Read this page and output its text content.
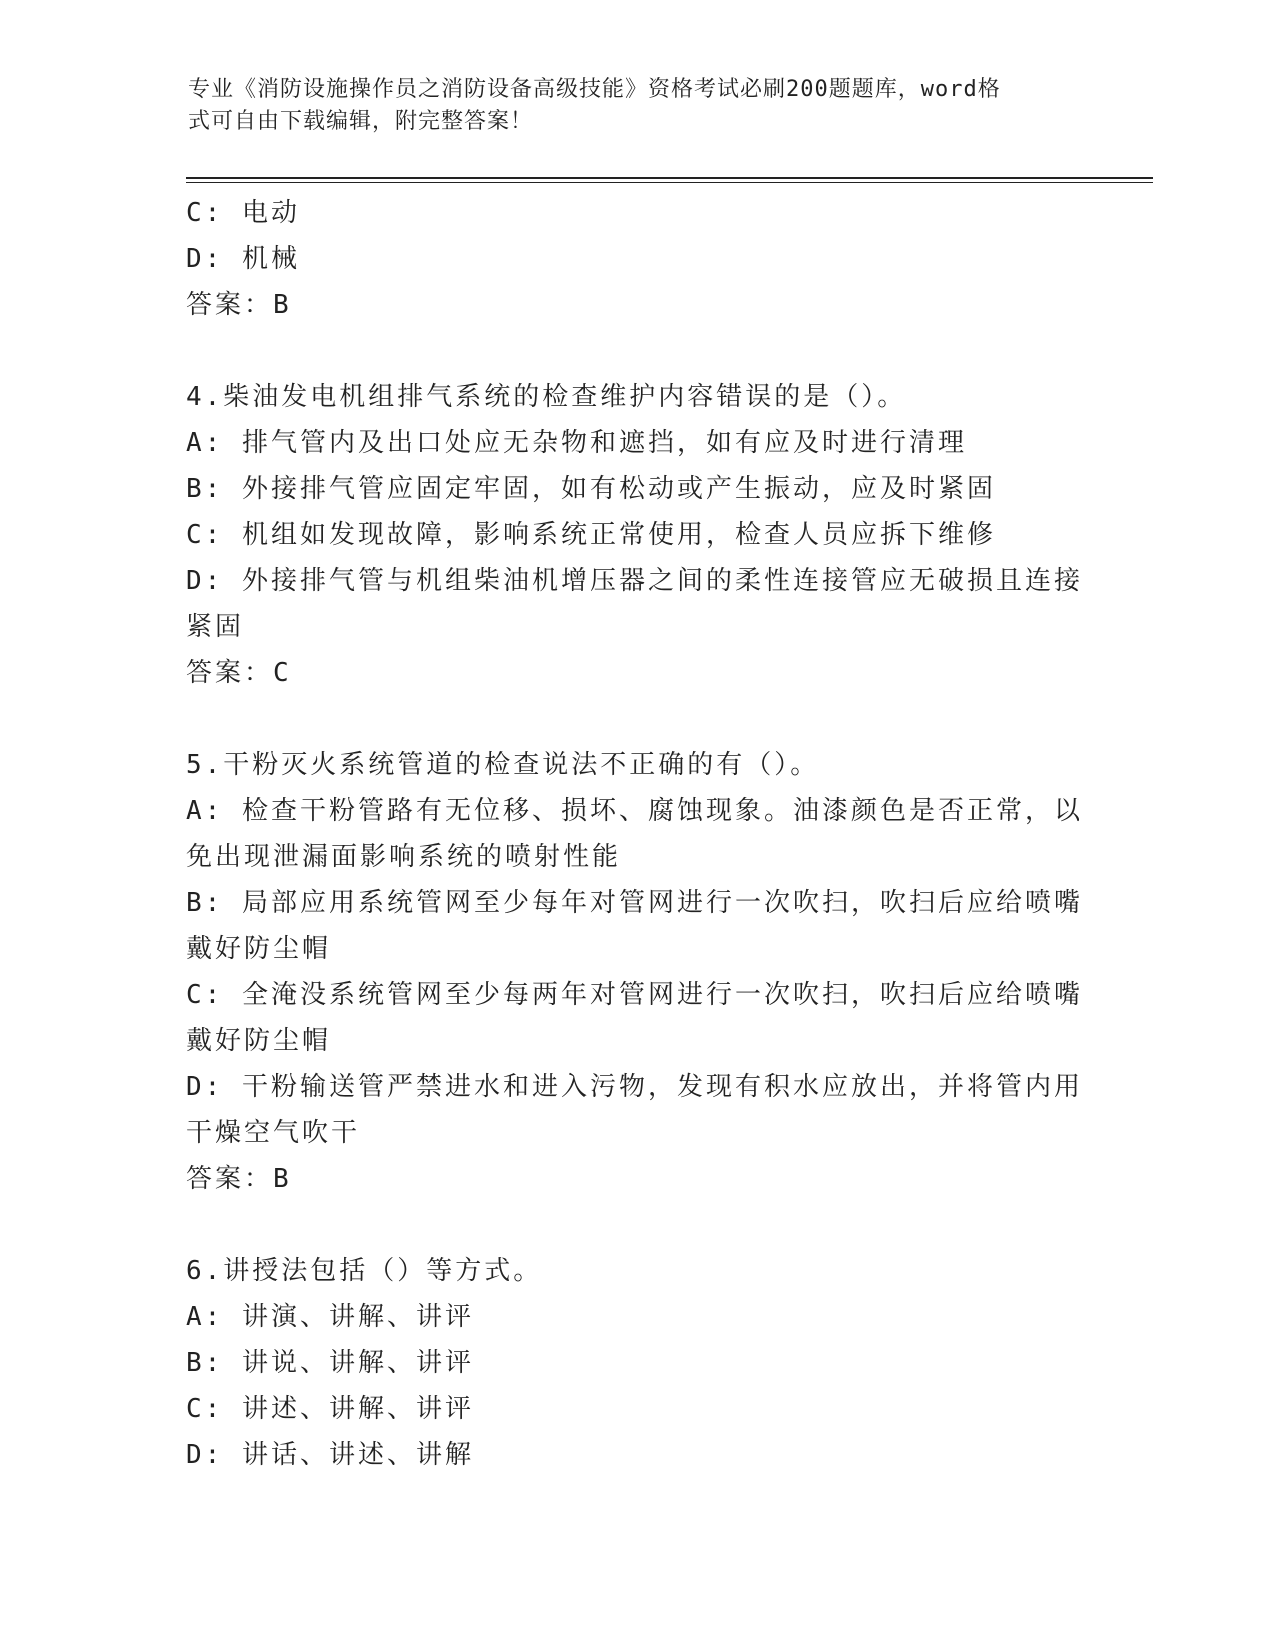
专业《消防设施操作员之消防设备高级技能》资格考试必刷200题题库，word格
式可自由下载编辑，附完整答案！
C: 电动
D: 机械
答案：B
4.柴油发电机组排气系统的检查维护内容错误的是（）。
A: 排气管内及出口处应无杂物和遮挡，如有应及时进行清理
B: 外接排气管应固定牢固，如有松动或产生振动，应及时紧固
C: 机组如发现故障，影响系统正常使用，检查人员应拆下维修
D: 外接排气管与机组柴油机增压器之间的柔性连接管应无破损且连接
紧固
答案：C
5.干粉灭火系统管道的检查说法不正确的有（）。
A: 检查干粉管路有无位移、损坏、腐蚀现象。油漆颜色是否正常，以
免出现泄漏面影响系统的喷射性能
B: 局部应用系统管网至少每年对管网进行一次吹扫，吹扫后应给喷嘴
戴好防尘帽
C: 全淹没系统管网至少每两年对管网进行一次吹扫，吹扫后应给喷嘴
戴好防尘帽
D: 干粉输送管严禁进水和进入污物，发现有积水应放出，并将管内用
干燥空气吹干
答案：B
6.讲授法包括（）等方式。
A: 讲演、讲解、讲评
B: 讲说、讲解、讲评
C: 讲述、讲解、讲评
D: 讲话、讲述、讲解
